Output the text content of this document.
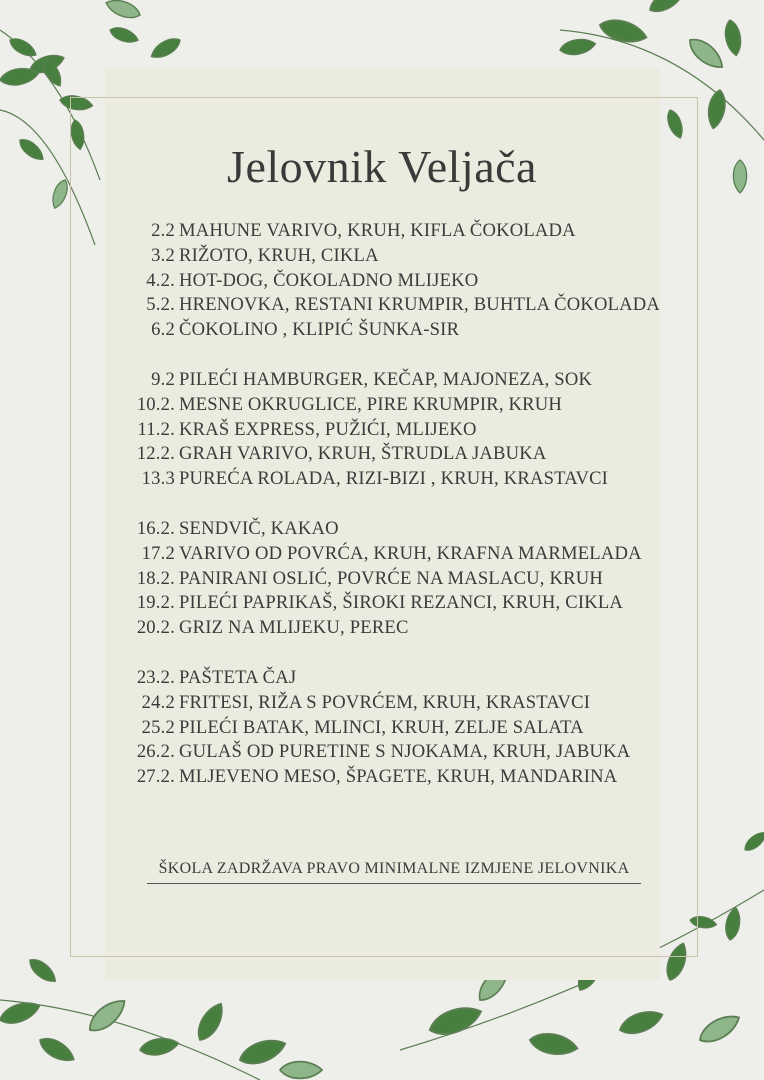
Jelovnik Veljača
2.2 MAHUNE VARIVO, KRUH, KIFLA ČOKOLADA
3.2 RIŽOTO, KRUH, CIKLA
4.2. HOT-DOG, ČOKOLADNO MLIJEKO
5.2. HRENOVKA, RESTANI KRUMPIR, BUHTLA ČOKOLADA
6.2 ČOKOLINO , KLIPIĆ ŠUNKA-SIR
9.2 PILEĆI HAMBURGER, KEČAP, MAJONEZA, SOK
10.2. MESNE OKRUGLICE, PIRE KRUMPIR, KRUH
11.2. KRAŠ EXPRESS, PUŽIĆI, MLIJEKO
12.2. GRAH VARIVO, KRUH, ŠTRUDLA JABUKA
13.3 PUREĆA ROLADA, RIZI-BIZI , KRUH, KRASTAVCI
16.2. SENDVIČ, KAKAO
17.2 VARIVO OD POVRĆA, KRUH, KRAFNA MARMELADA
18.2. PANIRANI OSLIĆ, POVRĆE NA MASLACU, KRUH
19.2. PILEĆI PAPRIKAŠ, ŠIROKI REZANCI, KRUH, CIKLA
20.2. GRIZ NA MLIJEKU, PEREC
23.2. PAŠTETA ČAJ
24.2 FRITESI, RIŽA S POVRĆEM, KRUH, KRASTAVCI
25.2 PILEĆI BATAK, MLINCI, KRUH, ZELJE SALATA
26.2. GULAŠ OD PURETINE S NJOKAMA, KRUH, JABUKA
27.2. MLJEVENO MESO, ŠPAGETE, KRUH, MANDARINA
ŠKOLA ZADRŽAVA PRAVO MINIMALNE IZMJENE JELOVNIKA
